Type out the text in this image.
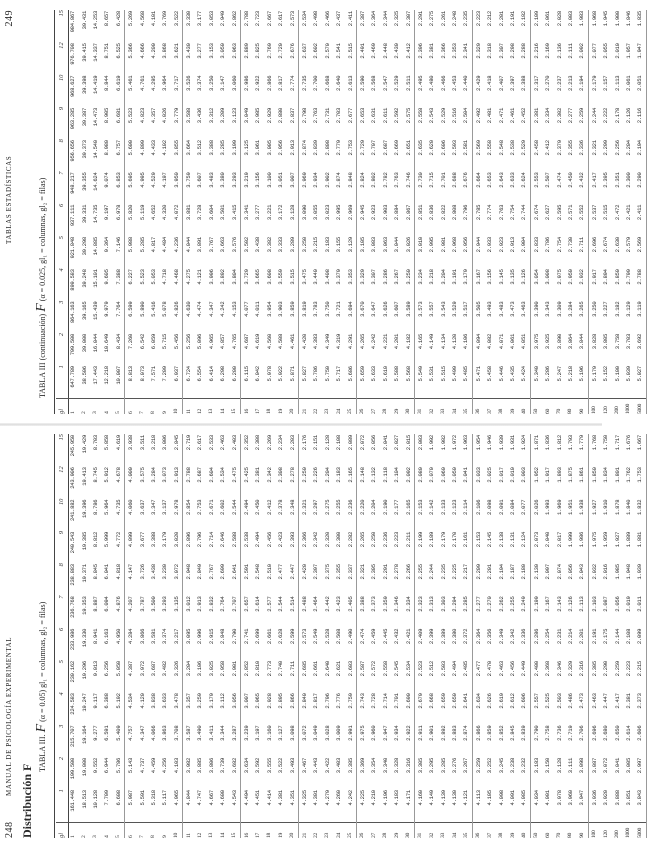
248
MANUAL DE PSICOLOGÍA EXPERIMENTAL
Distribución F
TABLA III. F (α = 0.05) gl₁ = columnas, gl₂ = filas)
gl	1	2	3	4	5	6	7	8	9	10	12	15
1	161.448	199.500	215.707	224.583	230.162	233.986	236.768	238.883	240.543	241.882	243.906	245.950
2	18.513	19.000	19.164	19.247	19.296	19.330	19.353	19.371	19.385	19.396	19.413	19.429
3	10.128	9.552	9.277	9.117	9.013	8.941	8.887	8.845	8.812	8.786	8.745	8.703
4	7.709	6.944	6.591	6.388	6.256	6.163	6.094	6.041	5.999	5.964	5.912	5.858
5	6.608	5.786	5.409	5.192	5.050	4.950	4.876	4.818	4.772	4.735	4.678	4.619
6	5.987	5.143	4.757	4.534	4.387	4.284	4.207	4.147	4.099	4.060	4.000	3.938
7	5.591	4.737	4.347	4.120	3.972	3.866	3.787	3.726	3.677	3.637	3.575	3.511
8	5.318	4.459	4.066	3.838	3.687	3.581	3.500	3.438	3.388	3.347	3.284	3.218
9	5.117	4.256	3.863	3.633	3.482	3.374	3.293	3.230	3.179	3.137	3.073	3.006
10	4.965	4.103	3.708	3.478	3.326	3.217	3.135	3.072	3.020	2.978	2.913	2.845
11	4.844	3.982	3.587	3.357	3.204	3.095	3.012	2.948	2.896	2.854	2.788	2.719
12	4.747	3.885	3.490	3.259	3.106	2.996	2.913	2.849	2.796	2.753	2.687	2.617
13	4.667	3.806	3.411	3.179	3.025	2.915	2.832	2.767	2.714	2.671	2.604	2.533
14	4.600	3.739	3.344	3.112	2.958	2.848	2.764	2.699	2.646	2.602	2.534	2.463
15	4.543	3.682	3.287	3.056	2.901	2.790	2.707	2.641	2.588	2.544	2.475	2.403
16	4.494	3.634	3.239	3.007	2.852	2.741	2.657	2.591	2.538	2.494	2.425	2.352
17	4.451	3.592	3.197	2.965	2.810	2.699	2.614	2.548	2.494	2.450	2.381	2.308
18	4.414	3.555	3.160	2.928	2.773	2.661	2.577	2.510	2.456	2.412	2.342	2.269
19	4.381	3.522	3.127	2.895	2.740	2.628	2.544	2.477	2.423	2.378	2.308	2.234
20	4.351	3.493	3.098	2.866	2.711	2.599	2.514	2.447	2.393	2.348	2.278	2.203
21	4.325	3.467	3.072	2.840	2.685	2.573	2.488	2.420	2.366	2.321	2.250	2.176
22	4.301	3.443	3.049	2.817	2.661	2.549	2.464	2.397	2.342	2.297	2.226	2.151
23	4.279	3.422	3.028	2.796	2.640	2.528	2.442	2.375	2.320	2.275	2.204	2.128
24	4.260	3.403	3.009	2.776	2.621	2.508	2.423	2.355	2.300	2.255	2.183	2.108
25	4.242	3.385	2.991	2.759	2.603	2.490	2.405	2.337	2.282	2.236	2.165	2.089
26	4.225	3.369	2.975	2.743	2.587	2.474	2.388	2.321	2.265	2.220	2.148	2.072
27	4.210	3.354	2.960	2.728	2.572	2.459	2.373	2.305	2.250	2.204	2.132	2.056
28	4.196	3.340	2.947	2.714	2.558	2.445	2.359	2.291	2.236	2.190	2.118	2.041
29	4.183	3.328	2.934	2.701	2.545	2.432	2.346	2.278	2.223	2.177	2.104	2.027
30	4.171	3.316	2.922	2.690	2.534	2.421	2.334	2.266	2.211	2.165	2.092	2.015
31	4.160	3.305	2.911	2.679	2.523	2.409	2.323	2.255	2.199	2.153	2.080	2.003
32	4.149	3.295	2.901	2.668	2.512	2.399	2.313	2.244	2.189	2.142	2.070	1.992
33	4.139	3.285	2.892	2.659	2.503	2.389	2.303	2.235	2.179	2.133	2.060	1.982
34	4.130	3.276	2.883	2.650	2.494	2.380	2.294	2.225	2.170	2.123	2.050	1.972
35	4.121	3.267	2.874	2.641	2.485	2.372	2.285	2.217	2.161	2.114	2.041	1.963
36	4.113	3.259	2.866	2.634	2.477	2.364	2.277	2.209	2.153	2.106	2.033	1.954
37	4.105	3.252	2.859	2.626	2.470	2.356	2.270	2.201	2.145	2.098	2.025	1.946
38	4.098	3.245	2.852	2.619	2.463	2.349	2.262	2.194	2.138	2.091	2.017	1.939
39	4.091	3.238	2.845	2.612	2.456	2.342	2.255	2.187	2.131	2.084	2.010	1.931
40	4.085	3.232	2.839	2.606	2.449	2.336	2.249	2.180	2.124	2.077	2.003	1.924
50	4.034	3.183	2.790	2.557	2.400	2.286	2.199	2.130	2.073	2.026	1.952	1.871
60	4.001	3.150	2.758	2.525	2.368	2.254	2.167	2.097	2.040	1.993	1.917	1.836
70	3.978	3.128	2.736	2.503	2.346	2.231	2.143	2.074	2.017	1.969	1.893	1.812
80	3.960	3.111	2.719	2.486	2.329	2.214	2.126	2.056	1.999	1.951	1.875	1.793
90	3.947	3.098	2.706	2.473	2.316	2.201	2.113	2.043	1.986	1.938	1.861	1.779
100	3.936	3.087	2.696	2.463	2.305	2.191	2.103	2.032	1.975	1.927	1.850	1.768
120	3.920	3.072	2.680	2.447	2.290	2.175	2.087	2.016	1.959	1.910	1.834	1.750
200	3.888	3.041	2.650	2.417	2.259	2.144	2.056	1.985	1.927	1.878	1.801	1.717
1000	3.851	3.005	2.614	2.381	2.223	2.108	2.019	1.948	1.889	1.840	1.762	1.676
5000	3.843	2.997	2.606	2.373	2.215	2.099	2.011	1.939	1.881	1.832	1.753	1.667
249
TABLAS ESTADÍSTICAS
TABLA III (continuación) F (α = 0.025, gl₁ = columnas, gl₂ = filas)
gl	1	2	3	4	5	6	7	8	9	10	12	15
1	647.789	799.500	864.163	899.583	921.848	937.111	948.217	956.656	963.285	968.627	976.708	984.867
2	38.506	39.000	39.165	39.248	39.298	39.331	39.355	39.373	39.387	39.398	39.415	39.431
3	17.443	16.044	15.439	15.101	14.885	14.735	14.624	14.540	14.473	14.419	14.337	14.253
4	12.218	10.649	9.979	9.605	9.364	9.197	9.074	8.980	8.905	8.844	8.751	8.657
5	10.007	8.434	7.764	7.388	7.146	6.978	6.853	6.757	6.681	6.619	6.525	6.428
6	8.813	7.260	6.599	6.227	5.988	5.820	5.695	5.600	5.523	5.461	5.366	5.269
7	8.073	6.542	5.890	5.523	5.285	5.119	4.995	4.899	4.823	4.761	4.666	4.568
8	7.571	6.059	5.416	5.053	4.817	4.652	4.529	4.433	4.357	4.295	4.200	4.101
9	7.209	5.715	5.078	4.718	4.484	4.320	4.197	4.102	4.026	3.964	3.868	3.769
10	6.937	5.456	4.826	4.468	4.236	4.072	3.950	3.855	3.779	3.717	3.621	3.522
11	6.724	5.256	4.630	4.275	4.044	3.881	3.759	3.664	3.588	3.526	3.430	3.330
12	6.554	5.096	4.474	4.121	3.891	3.728	3.607	3.512	3.436	3.374	3.277	3.177
13	6.414	4.965	4.347	3.996	3.767	3.604	3.483	3.388	3.312	3.250	3.153	3.053
14	6.298	4.857	4.242	3.892	3.663	3.501	3.380	3.285	3.209	3.147	3.050	2.949
15	6.200	4.765	4.153	3.804	3.576	3.415	3.293	3.199	3.123	3.060	2.963	2.862
16	6.115	4.687	4.077	3.729	3.502	3.341	3.219	3.125	3.049	2.986	2.889	2.788
17	6.042	4.619	4.011	3.665	3.438	3.277	3.156	3.061	2.985	2.922	2.825	2.723
18	5.978	4.560	3.954	3.608	3.382	3.221	3.100	3.005	2.929	2.866	2.769	2.667
19	5.922	4.508	3.903	3.559	3.333	3.172	3.051	2.956	2.880	2.817	2.720	2.617
20	5.871	4.461	3.859	3.515	3.289	3.128	3.007	2.913	2.837	2.774	2.676	2.573
21	5.827	4.420	3.819	3.475	3.250	3.090	2.969	2.874	2.798	2.735	2.637	2.534
22	5.786	4.383	3.783	3.440	3.215	3.055	2.934	2.839	2.763	2.700	2.602	2.498
23	5.750	4.349	3.750	3.408	3.183	3.023	2.902	2.808	2.731	2.668	2.570	2.466
24	5.717	4.319	3.721	3.379	3.155	2.995	2.874	2.779	2.703	2.640	2.541	2.437
25	5.686	4.291	3.694	3.353	3.129	2.969	2.848	2.753	2.677	2.613	2.515	2.411
26	5.659	4.265	3.670	3.329	3.105	2.945	2.824	2.729	2.653	2.590	2.491	2.387
27	5.633	4.242	3.647	3.307	3.083	2.923	2.802	2.707	2.631	2.568	2.469	2.364
28	5.610	4.221	3.626	3.286	3.063	2.903	2.782	2.687	2.611	2.547	2.448	2.344
29	5.588	4.201	3.607	3.267	3.044	2.884	2.763	2.669	2.592	2.529	2.430	2.325
30	5.568	4.182	3.589	3.250	3.026	2.867	2.746	2.651	2.575	2.511	2.412	2.307
31	5.549	4.165	3.573	3.234	3.010	2.851	2.730	2.635	2.558	2.495	2.396	2.291
32	5.531	4.149	3.557	3.218	2.995	2.836	2.715	2.620	2.543	2.480	2.381	2.275
33	5.515	4.134	3.543	3.204	2.981	2.822	2.701	2.606	2.529	2.466	2.366	2.261
34	5.499	4.120	3.529	3.191	2.968	2.808	2.688	2.593	2.516	2.453	2.353	2.248
35	5.485	4.106	3.517	3.179	2.956	2.796	2.676	2.581	2.504	2.440	2.341	2.235
36	5.471	4.094	3.505	3.167	2.944	2.785	2.664	2.569	2.492	2.429	2.329	2.223
37	5.458	4.082	3.493	3.156	2.933	2.774	2.653	2.558	2.481	2.418	2.318	2.212
38	5.446	4.071	3.483	3.145	2.923	2.763	2.643	2.548	2.471	2.407	2.307	2.201
39	5.435	4.061	3.473	3.135	2.913	2.754	2.633	2.538	2.461	2.397	2.298	2.191
40	5.424	4.051	3.463	3.126	2.904	2.744	2.624	2.529	2.452	2.388	2.288	2.182
50	5.340	3.975	3.390	3.054	2.833	2.674	2.553	2.458	2.381	2.317	2.216	2.109
60	5.286	3.925	3.343	3.008	2.786	2.627	2.507	2.412	2.334	2.270	2.169	2.061
70	5.247	3.890	3.309	2.975	2.754	2.595	2.474	2.379	2.302	2.237	2.136	2.028
80	5.218	3.864	3.284	2.950	2.730	2.571	2.450	2.355	2.277	2.213	2.111	2.003
90	5.196	3.844	3.265	2.932	2.711	2.552	2.432	2.336	2.259	2.194	2.092	1.983
100	5.179	3.828	3.250	2.917	2.696	2.537	2.417	2.321	2.244	2.179	2.077	1.968
120	5.152	3.805	3.227	2.894	2.674	2.515	2.395	2.299	2.222	2.157	2.055	1.945
200	5.100	3.758	3.182	2.850	2.630	2.472	2.351	2.256	2.178	2.113	2.010	1.900
1000	5.039	3.703	3.129	2.799	2.579	2.421	2.300	2.204	2.126	2.061	1.957	1.846
5000	5.027	3.692	3.119	2.788	2.569	2.411	2.290	2.194	2.116	2.051	1.947	1.835
